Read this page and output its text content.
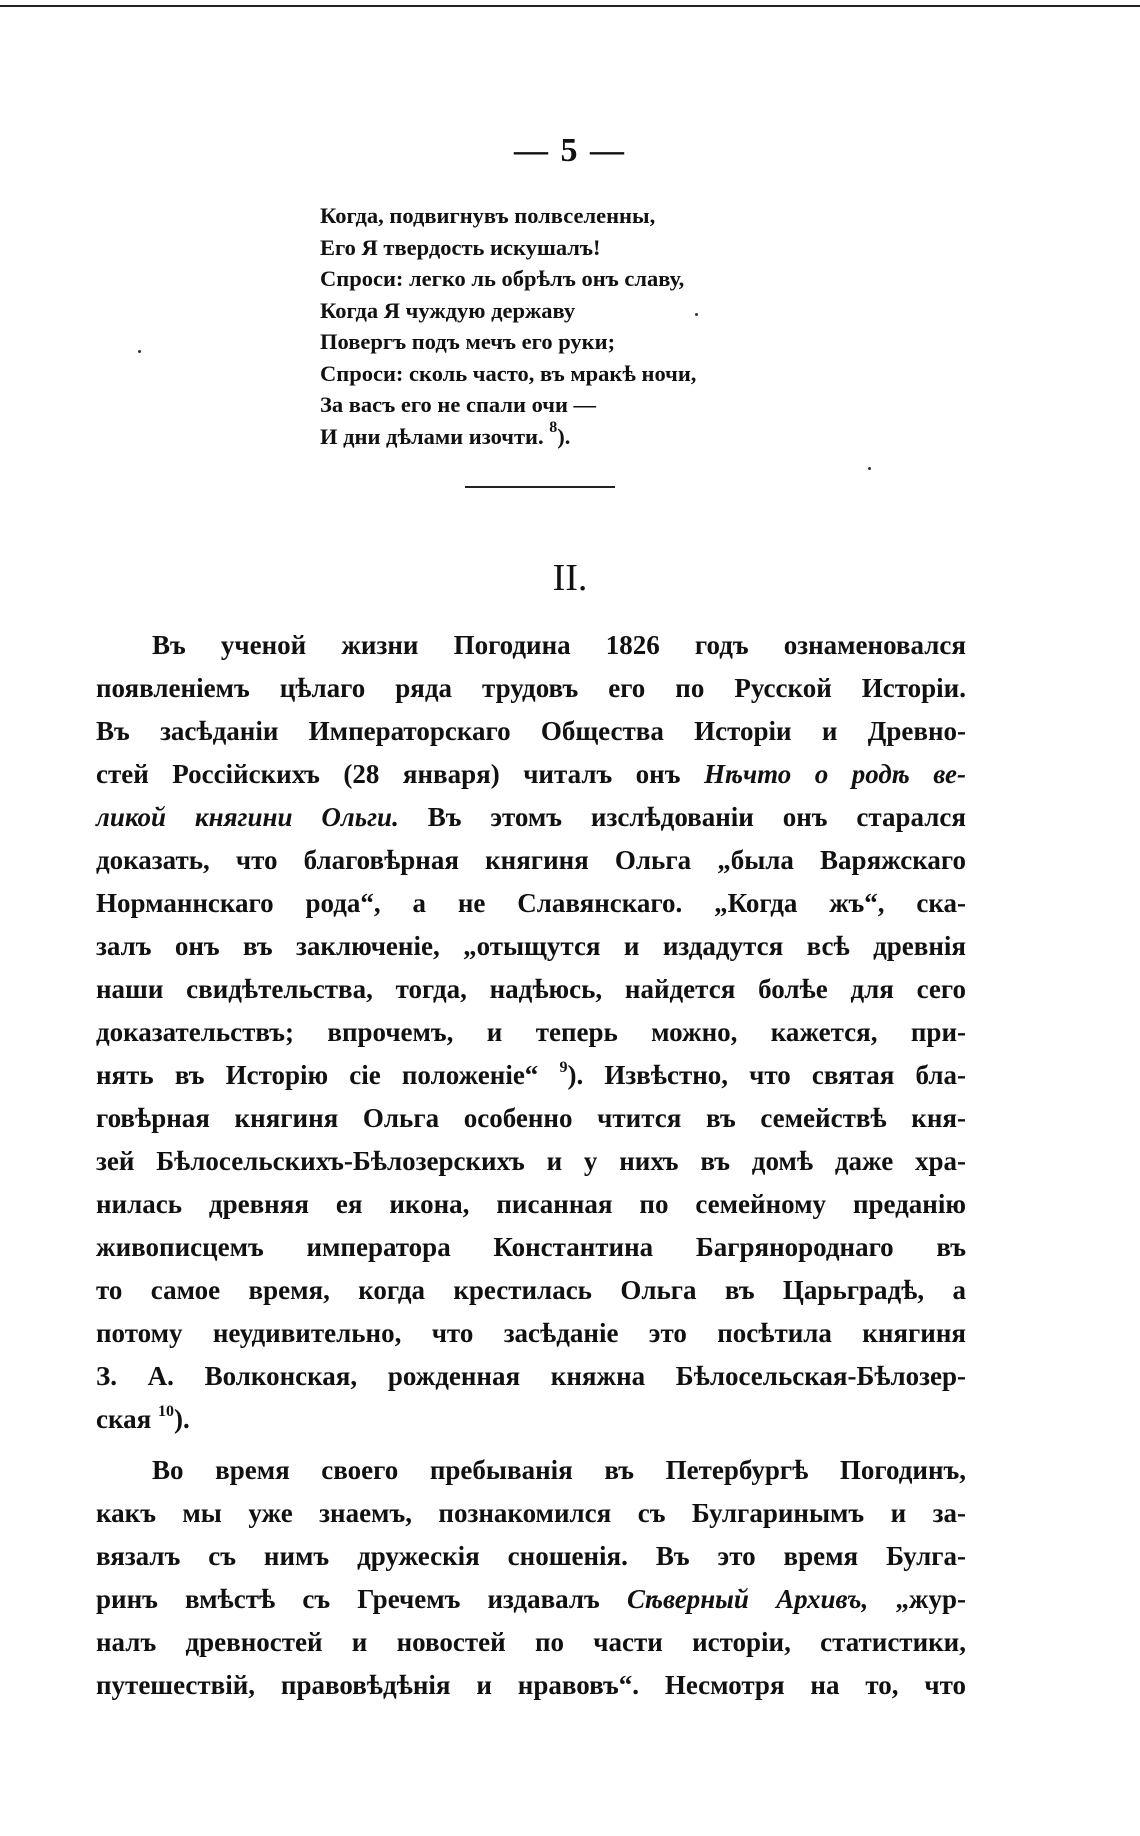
— 5 —
Когда, подвигнувъ полвселенны,
Его Я твердость искушалъ!
Спроси: легко ль обрѣлъ онъ славу,
Когда Я чуждую державу
Повергъ подъ мечъ его руки;
Спроси: сколь часто, въ мракѣ ночи,
За васъ его не спали очи —
И дни дѣлами изочти. $^8$).
II.
Въ ученой жизни Погодина 1826 годъ ознаменовался
появленіемъ цѣлаго ряда трудовъ его по Русской Исторіи.
Въ засѣданіи Императорскаго Общества Исторіи и Древно-
стей Россійскихъ (28 января) читалъ онъ Нѣчто о родѣ ве-
ликой княгини Ольги. Въ этомъ изслѣдованіи онъ старался
доказать, что благовѣрная княгиня Ольга „была Варяжскаго
Норманнскаго рода“, а не Славянскаго. „Когда жъ“, ска-
залъ онъ въ заключеніе, „отыщутся и издадутся всѣ древнія
наши свидѣтельства, тогда, надѣюсь, найдется болѣе для сего
доказательствъ; впрочемъ, и теперь можно, кажется, при-
нять въ Исторію сіе положеніе“ $^9$). Извѣстно, что святая бла-
говѣрная княгиня Ольга особенно чтится въ семействѣ кня-
зей Бѣлосельскихъ-Бѣлозерскихъ и у нихъ въ домѣ даже хра-
нилась древняя ея икона, писанная по семейному преданію
живописцемъ императора Константина Багрянороднаго въ
то самое время, когда крестилась Ольга въ Царьградѣ, а
потому неудивительно, что засѣданіе это посѣтила княгиня
З. А. Волконская, рожденная княжна Бѣлосельская-Бѣлозер-
ская $^{10}$).
Во время своего пребыванія въ Петербургѣ Погодинъ,
какъ мы уже знаемъ, познакомился съ Булгаринымъ и за-
вязалъ съ нимъ дружескія сношенія. Въ это время Булга-
ринъ вмѣстѣ съ Гречемъ издавалъ Сѣверный Архивъ, „жур-
налъ древностей и новостей по части исторіи, статистики,
путешествій, правовѣдѣнія и нравовъ“. Несмотря на то, что
